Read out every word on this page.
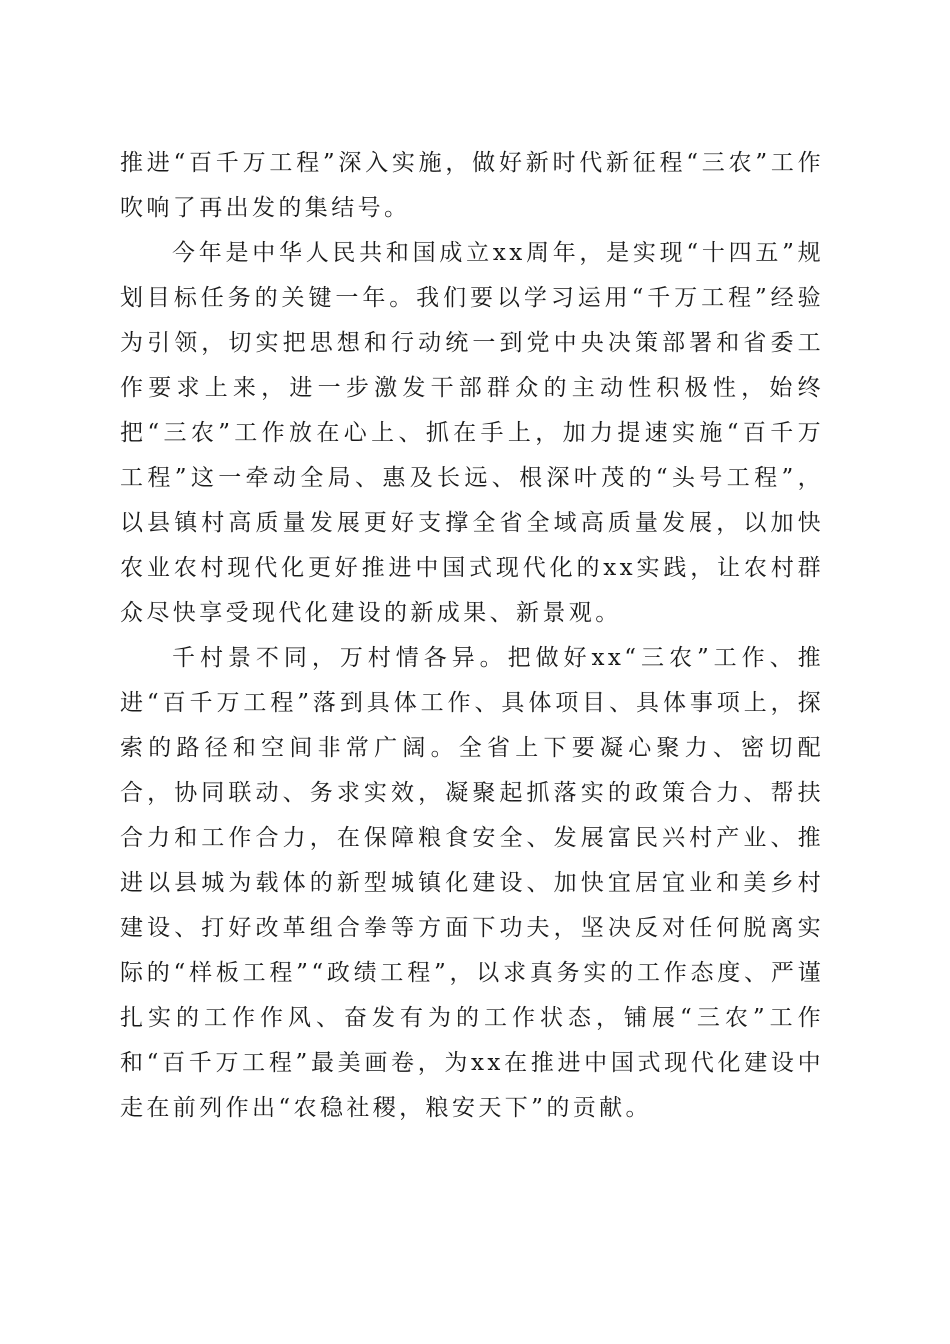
推进“百千万工程”深入实施，做好新时代新征程“三农”工作吹响了再出发的集结号。

今年是中华人民共和国成立xx周年，是实现“十四五”规划目标任务的关键一年。我们要以学习运用“千万工程”经验为引领，切实把思想和行动统一到党中央决策部署和省委工作要求上来，进一步激发干部群众的主动性积极性，始终把“三农”工作放在心上、抓在手上，加力提速实施“百千万工程”这一牵动全局、惠及长远、根深叶茂的“头号工程”，以县镇村高质量发展更好支撑全省全域高质量发展，以加快农业农村现代化更好推进中国式现代化的xx实践，让农村群众尽快享受现代化建设的新成果、新景观。

千村景不同，万村情各异。把做好xx“三农”工作、推进“百千万工程”落到具体工作、具体项目、具体事项上，探索的路径和空间非常广阔。全省上下要凝心聚力、密切配合，协同联动、务求实效，凝聚起抓落实的政策合力、帮扶合力和工作合力，在保障粮食安全、发展富民兴村产业、推进以县城为载体的新型城镇化建设、加快宜居宜业和美乡村建设、打好改革组合拳等方面下功夫，坚决反对任何脱离实际的“样板工程”“政绩工程”，以求真务实的工作态度、严谨扎实的工作作风、奋发有为的工作状态，铺展“三农”工作和“百千万工程”最美画卷，为xx在推进中国式现代化建设中走在前列作出“农稳社稷，粮安天下”的贡献。
